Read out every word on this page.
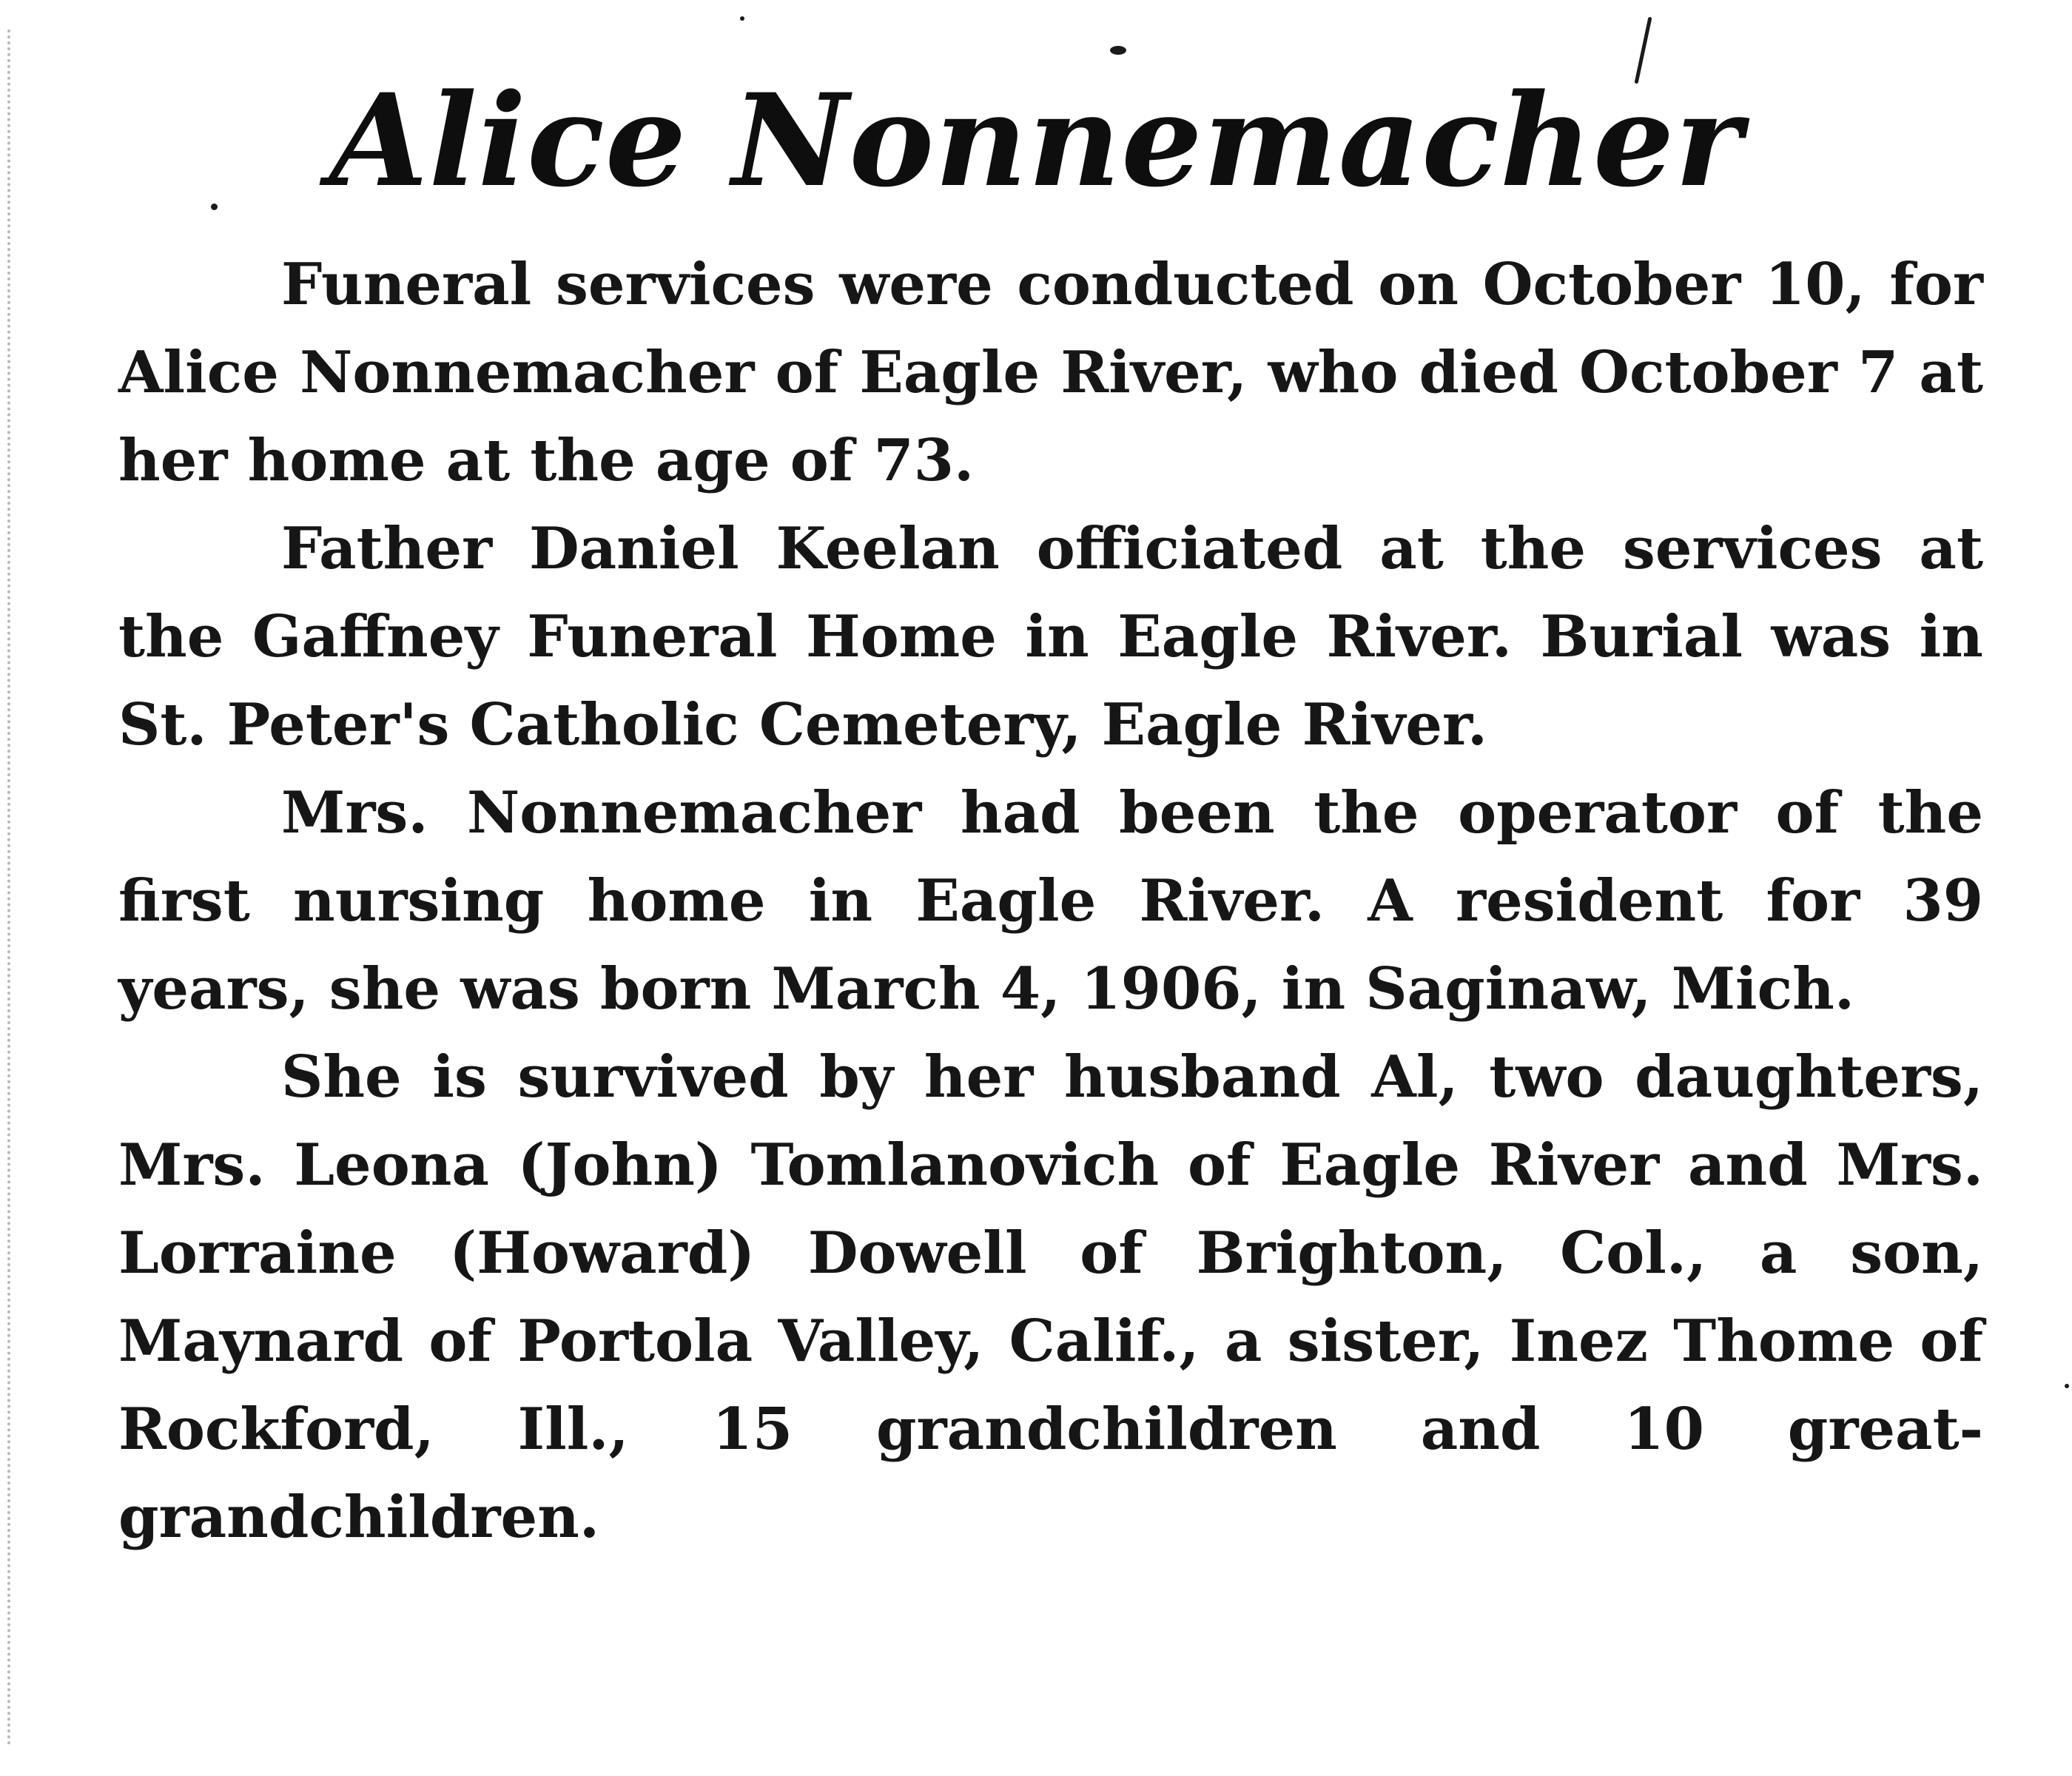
Alice Nonnemacher

Funeral services were conducted on October 10, for Alice Nonnemacher of Eagle River, who died October 7 at her home at the age of 73.

Father Daniel Keelan officiated at the services at the Gaffney Funeral Home in Eagle River. Burial was in St. Peter's Catholic Cemetery, Eagle River.

Mrs. Nonnemacher had been the operator of the first nursing home in Eagle River. A resident for 39 years, she was born March 4, 1906, in Saginaw, Mich.

She is survived by her husband Al, two daughters, Mrs. Leona (John) Tomlanovich of Eagle River and Mrs. Lorraine (Howard) Dowell of Brighton, Col., a son, Maynard of Portola Valley, Calif., a sister, Inez Thome of Rockford, Ill., 15 grandchildren and 10 great-grandchildren.
